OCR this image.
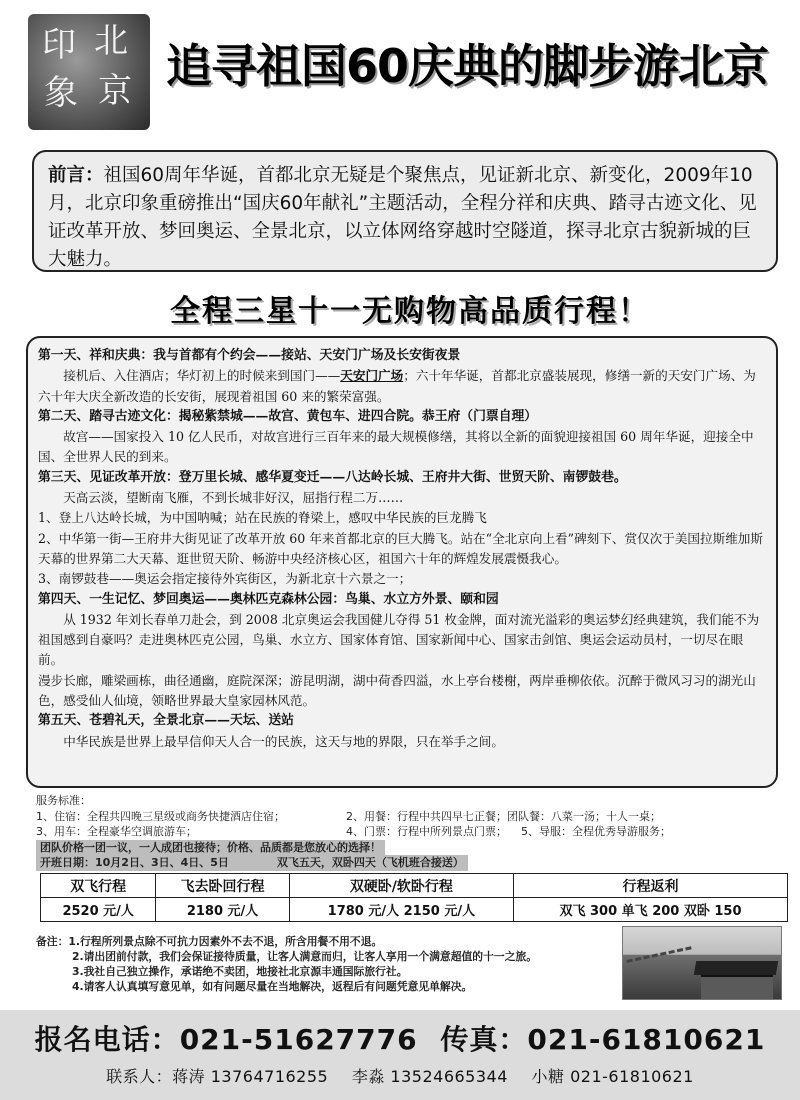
印 北
象 京 追寻祖国60庆典的脚步游北京
前言：祖国60周年华诞，首都北京无疑是个聚焦点，见证新北京、新变化，2009年10月，北京印象重磅推出“国庆60年献礼”主题活动，全程分祥和庆典、踏寻古迹文化、见证改革开放、梦回奥运、全景北京，以立体网络穿越时空隧道，探寻北京古貌新城的巨大魅力。
全程三星十一无购物高品质行程！

第一天、祥和庆典：我与首都有个约会——接站、天安门广场及长安街夜景

接机后、入住酒店；华灯初上的时候来到国门——天安门广场；六十年华诞，首都北京盛装展现，修缮一新的天安门广场、为六十年大庆全新改造的长安街，展现着祖国 60 来的繁荣富强。

第二天、踏寻古迹文化：揭秘紫禁城——故宫、黄包车、进四合院。恭王府（门票自理）

故宫——国家投入 10 亿人民币，对故宫进行三百年来的最大规模修缮，其将以全新的面貌迎接祖国 60 周年华诞，迎接全中国、全世界人民的到来。

第三天、见证改革开放：登万里长城、感华夏变迁——八达岭长城、王府井大街、世贸天阶、南锣鼓巷。

天高云淡，望断南飞雁，不到长城非好汉，屈指行程二万……

1、登上八达岭长城，为中国呐喊；站在民族的脊梁上，感叹中华民族的巨龙腾飞

2、中华第一街—王府井大街见证了改革开放 60 年来首都北京的巨大腾飞。站在“全北京向上看”碑刻下、赏仅次于美国拉斯维加斯天幕的世界第二大天幕、逛世贸天阶、畅游中央经济核心区，祖国六十年的辉煌发展震慑我心。

3、南锣鼓巷——奥运会指定接待外宾街区，为新北京十六景之一；

第四天、一生记忆、梦回奥运——奥林匹克森林公园：鸟巢、水立方外景、颐和园

从 1932 年刘长春单刀赴会，到 2008 北京奥运会我国健儿夺得 51 枚金牌，面对流光溢彩的奥运梦幻经典建筑，我们能不为祖国感到自豪吗？走进奥林匹克公园，鸟巢、水立方、国家体育馆、国家新闻中心、国家击剑馆、奥运会运动员村，一切尽在眼前。

漫步长廊，雕梁画栋，曲径通幽，庭院深深；游昆明湖，湖中荷香四溢，水上亭台楼榭，两岸垂柳依依。沉醉于微风习习的湖光山色，感受仙人仙境，领略世界最大皇家园林风范。

第五天、苍碧礼天，全景北京——天坛、送站

中华民族是世界上最早信仰天人合一的民族，这天与地的界限，只在举手之间。

服务标准：
1、住宿：全程共四晚三星级或商务快捷酒店住宿；	2、用餐：行程中共四早七正餐；团队餐：八菜一汤；十人一桌；
3、用车：全程豪华空调旅游车；	4、门票：行程中所列景点门票； 5、导服：全程优秀导游服务；
团队价格一团一议，一人成团也接待；价格、品质都是您放心的选择！
开班日期：10月2日、3日、4日、5日	双飞五天，双卧四天（飞机班合接送）
双飞行程	飞去卧回行程	双硬卧/软卧行程	行程返利
2520 元/人	2180 元/人	1780 元/人 2150 元/人	双飞 300 单飞 200 双卧 150
备注：1.行程所列景点除不可抗力因素外不去不退，所含用餐不用不退。
2.请出团前付款，我们会保证接待质量，让客人满意而归，让客人享用一个满意超值的十一之旅。
3.我社自己独立操作，承诺绝不卖团，地接社北京源丰通国际旅行社。
4.请客人认真填写意见单，如有问题尽量在当地解决，返程后有问题凭意见单解决。
报名电话：021-51627776 传真：021-61810621
联系人：蒋涛 13764716255 李淼 13524665344 小糖 021-61810621
